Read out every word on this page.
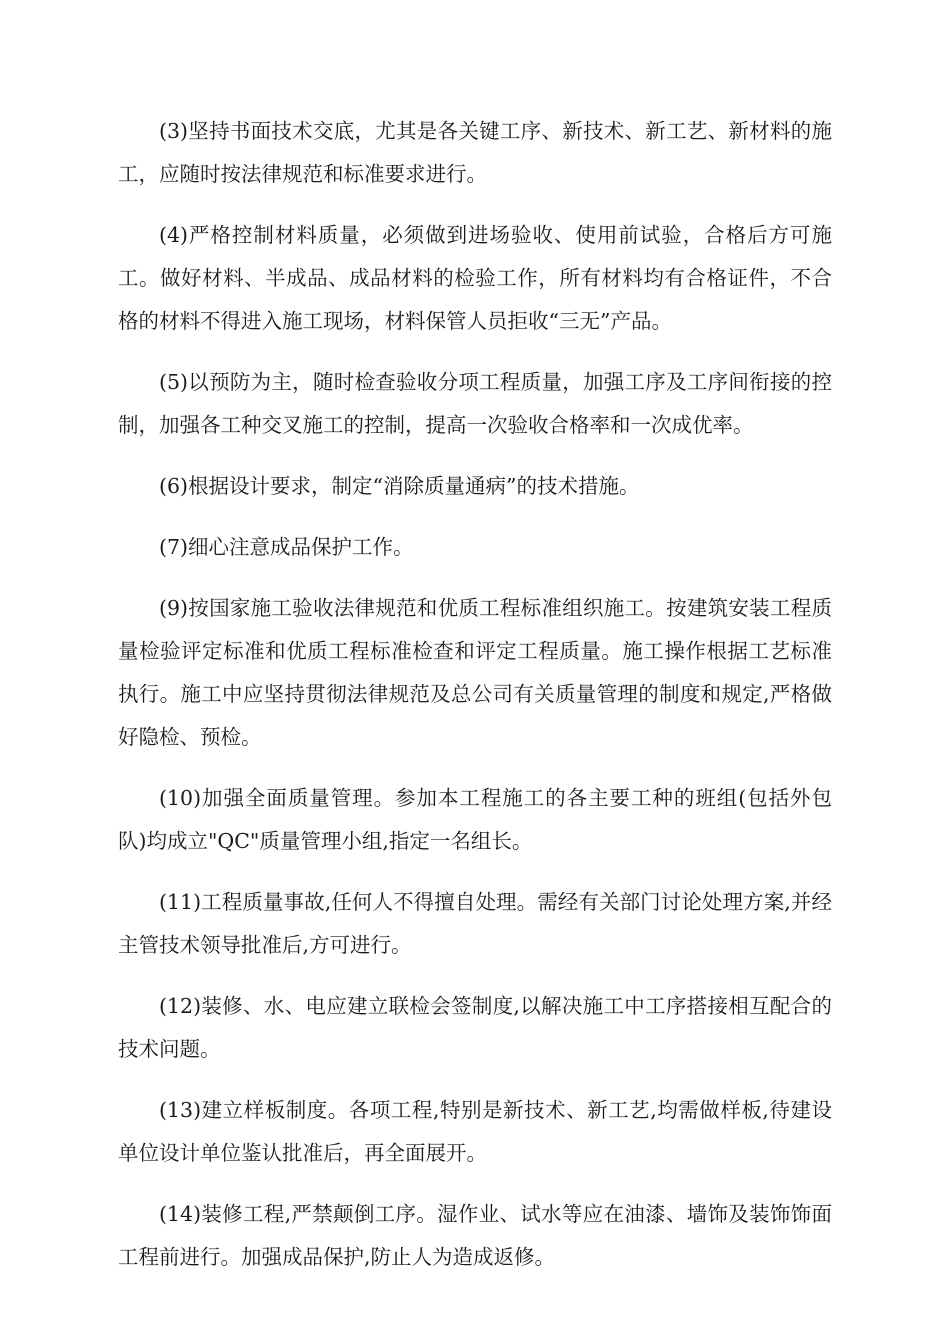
(3)坚持书面技术交底，尤其是各关键工序、新技术、新工艺、新材料的施工，应随时按法律规范和标准要求进行。

(4)严格控制材料质量，必须做到进场验收、使用前试验，合格后方可施工。做好材料、半成品、成品材料的检验工作，所有材料均有合格证件，不合格的材料不得进入施工现场，材料保管人员拒收“三无”产品。

(5)以预防为主，随时检查验收分项工程质量，加强工序及工序间衔接的控制，加强各工种交叉施工的控制，提高一次验收合格率和一次成优率。

(6)根据设计要求，制定“消除质量通病”的技术措施。

(7)细心注意成品保护工作。

(9)按国家施工验收法律规范和优质工程标准组织施工。按建筑安装工程质量检验评定标准和优质工程标准检查和评定工程质量。施工操作根据工艺标准执行。施工中应坚持贯彻法律规范及总公司有关质量管理的制度和规定,严格做好隐检、预检。

(10)加强全面质量管理。参加本工程施工的各主要工种的班组(包括外包队)均成立"QC"质量管理小组,指定一名组长。

(11)工程质量事故,任何人不得擅自处理。需经有关部门讨论处理方案,并经主管技术领导批准后,方可进行。

(12)装修、水、电应建立联检会签制度,以解决施工中工序搭接相互配合的技术问题。

(13)建立样板制度。各项工程,特别是新技术、新工艺,均需做样板,待建设单位设计单位鉴认批准后，再全面展开。

(14)装修工程,严禁颠倒工序。湿作业、试水等应在油漆、墙饰及装饰饰面工程前进行。加强成品保护,防止人为造成返修。
